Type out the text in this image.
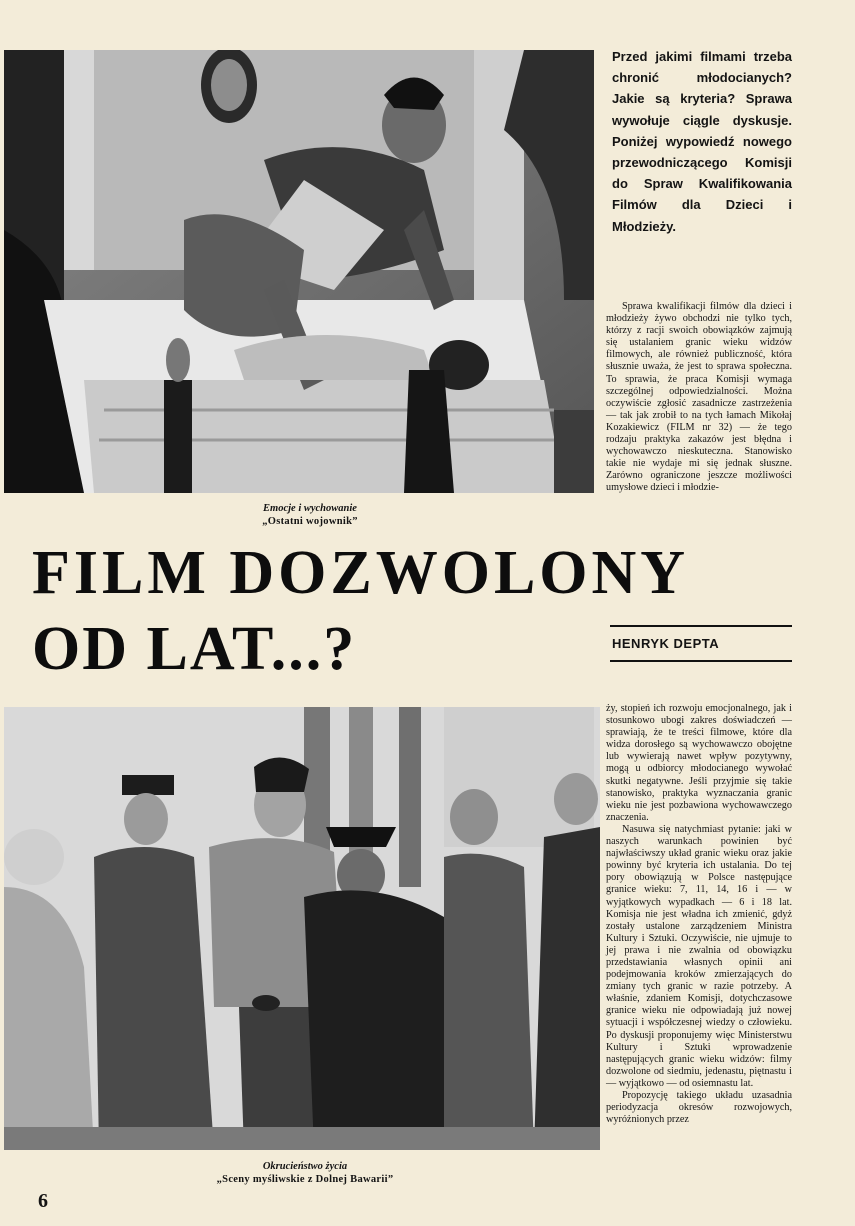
Emocje i wychowanie
„Ostatni wojownik”
Przed jakimi filmami trzeba chronić młodocianych? Jakie są kryteria? Sprawa wywołuje ciągle dyskusje. Poniżej wypowiedź nowego przewodniczącego Komisji do Spraw Kwalifikowania Filmów dla Dzieci i Młodzieży.

Sprawa kwalifikacji filmów dla dzieci i młodzieży żywo obchodzi nie tylko tych, którzy z racji swoich obowiązków zajmują się ustalaniem granic wieku widzów filmowych, ale również publiczność, która słusznie uważa, że jest to sprawa społeczna. To sprawia, że praca Komisji wymaga szczególnej odpowiedzialności. Można oczywiście zgłosić zasadnicze zastrzeżenia — tak jak zrobił to na tych łamach Mikołaj Kozakiewicz (FILM nr 32) — że tego rodzaju praktyka zakazów jest błędna i wychowawczo nieskuteczna. Stanowisko takie nie wydaje mi się jednak słuszne. Zarówno ograniczone jeszcze możliwości umysłowe dzieci i młodzie-

FILM DOZWOLONY
OD LAT...?	HENRYK DEPTA
Okrucieństwo życia
„Sceny myśliwskie z Dolnej Bawarii”

ży, stopień ich rozwoju emocjonalnego, jak i stosunkowo ubogi zakres doświadczeń — sprawiają, że te treści filmowe, które dla widza dorosłego są wychowawczo obojętne lub wywierają nawet wpływ pozytywny, mogą u odbiorcy młodocianego wywołać skutki negatywne. Jeśli przyjmie się takie stanowisko, praktyka wyznaczania granic wieku nie jest pozbawiona wychowawczego znaczenia.

Nasuwa się natychmiast pytanie: jaki w naszych warunkach powinien być najwłaściwszy układ granic wieku oraz jakie powinny być kryteria ich ustalania. Do tej pory obowiązują w Polsce następujące granice wieku: 7, 11, 14, 16 i — w wyjątkowych wypadkach — 6 i 18 lat. Komisja nie jest władna ich zmienić, gdyż zostały ustalone zarządzeniem Ministra Kultury i Sztuki. Oczywiście, nie ujmuje to jej prawa i nie zwalnia od obowiązku przedstawiania własnych opinii ani podejmowania kroków zmierzających do zmiany tych granic w razie potrzeby. A właśnie, zdaniem Komisji, dotychczasowe granice wieku nie odpowiadają już nowej sytuacji i współczesnej wiedzy o człowieku. Po dyskusji proponujemy więc Ministerstwu Kultury i Sztuki wprowadzenie następujących granic wieku widzów: filmy dozwolone od siedmiu, jedenastu, piętnastu i — wyjątkowo — od osiemnastu lat.

Propozycję takiego układu uzasadnia periodyzacja okresów rozwojowych, wyróżnionych przez

6
